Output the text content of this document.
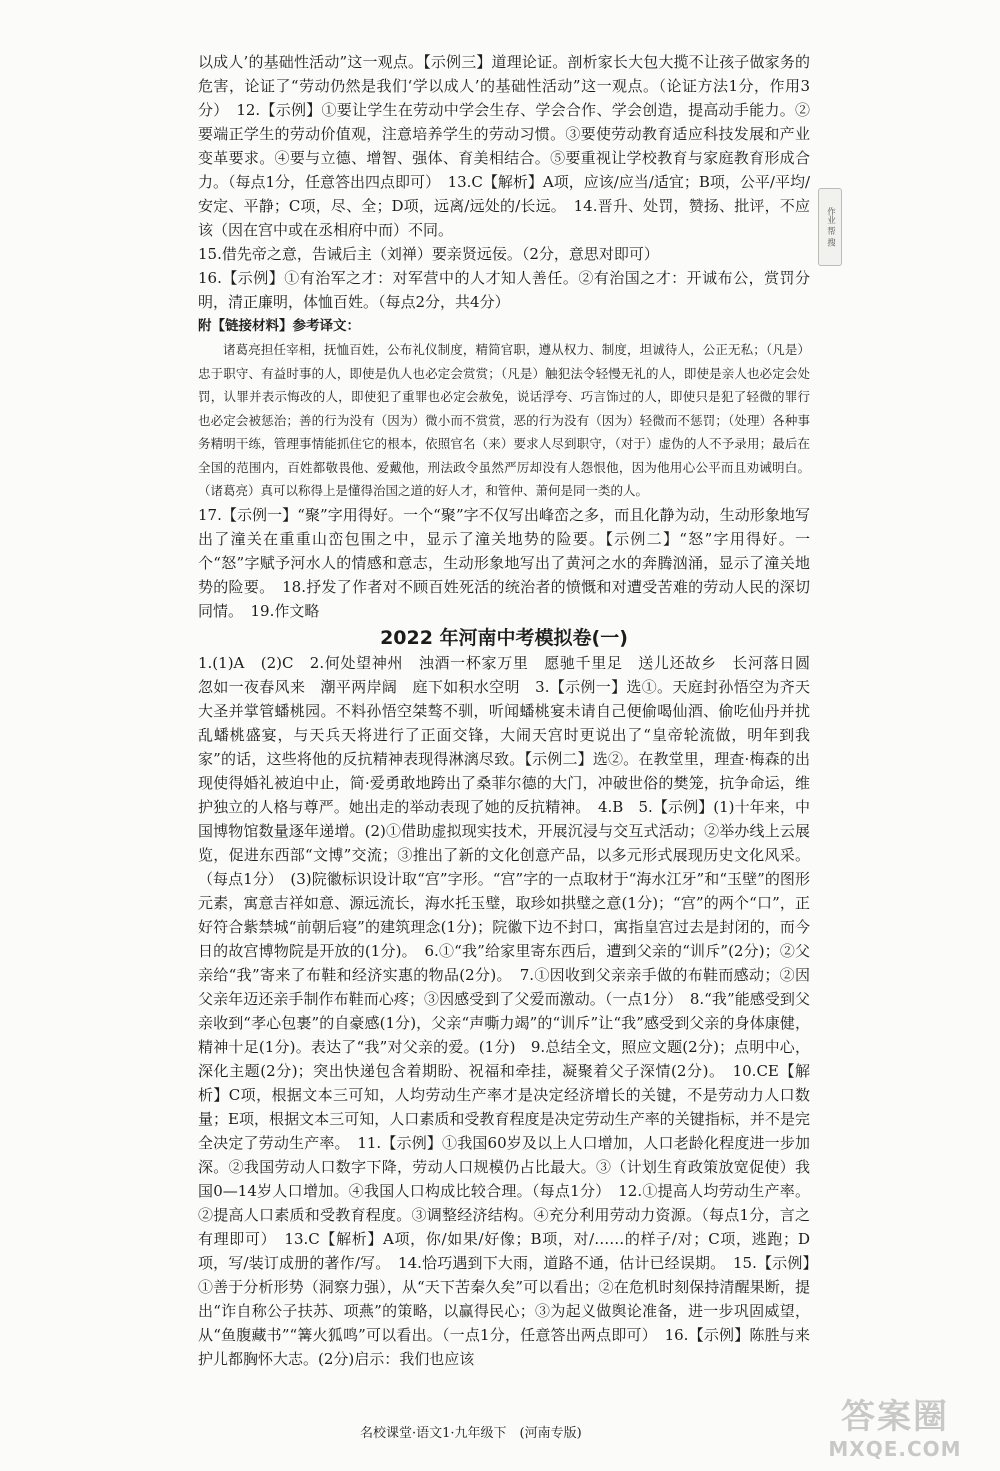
以成人’的基础性活动”这一观点。【示例三】道理论证。剖析家长大包大揽不让孩子做家务的危害，论证了“劳动仍然是我们‘学以成人’的基础性活动”这一观点。（论证方法1分，作用3分）　12.【示例】①要让学生在劳动中学会生存、学会合作、学会创造，提高动手能力。②要端正学生的劳动价值观，注意培养学生的劳动习惯。③要使劳动教育适应科技发展和产业变革要求。④要与立德、增智、强体、育美相结合。⑤要重视让学校教育与家庭教育形成合力。（每点1分，任意答出四点即可）　13.C【解析】A项，应该/应当/适宜；B项，公平/平均/安定、平静；C项，尽、全；D项，远离/远处的/长远。　14.晋升、处罚，赞扬、批评，不应该（因在宫中或在丞相府中而）不同。

15.借先帝之意，告诫后主（刘禅）要亲贤远佞。（2分，意思对即可）

16.【示例】①有治军之才：对军营中的人才知人善任。②有治国之才：开诚布公，赏罚分明，清正廉明，体恤百姓。（每点2分，共4分）

附【链接材料】参考译文：

诸葛亮担任宰相，抚恤百姓，公布礼仪制度，精简官职，遵从权力、制度，坦诚待人，公正无私；（凡是）忠于职守、有益时事的人，即使是仇人也必定会赏赏；（凡是）触犯法令轻慢无礼的人，即使是亲人也必定会处罚，认罪并表示悔改的人，即使犯了重罪也必定会赦免，说话浮夸、巧言饰过的人，即使只是犯了轻微的罪行也必定会被惩治；善的行为没有（因为）微小而不赏赏，恶的行为没有（因为）轻微而不惩罚；（处理）各种事务精明干练，管理事情能抓住它的根本，依照官名（来）要求人尽到职守，（对于）虚伪的人不予录用；最后在全国的范围内，百姓都敬畏他、爱戴他，刑法政令虽然严厉却没有人怨恨他，因为他用心公平而且劝诫明白。（诸葛亮）真可以称得上是懂得治国之道的好人才，和管仲、萧何是同一类的人。

17.【示例一】“聚”字用得好。一个“聚”字不仅写出峰峦之多，而且化静为动，生动形象地写出了潼关在重重山峦包围之中，显示了潼关地势的险要。【示例二】“怒”字用得好。一个“怒”字赋予河水人的情感和意志，生动形象地写出了黄河之水的奔腾汹涌，显示了潼关地势的险要。　18.抒发了作者对不顾百姓死活的统治者的愤慨和对遭受苦难的劳动人民的深切同情。　19.作文略

2022 年河南中考模拟卷(一)

1.(1)A　(2)C　2.何处望神州　浊酒一杯家万里　愿驰千里足　送儿还故乡　长河落日圆　忽如一夜春风来　潮平两岸阔　庭下如积水空明　3.【示例一】选①。天庭封孙悟空为齐天大圣并掌管蟠桃园。不料孙悟空桀骜不驯，听闻蟠桃宴未请自己便偷喝仙酒、偷吃仙丹并扰乱蟠桃盛宴，与天兵天将进行了正面交锋，大闹天宫时更说出了“皇帝轮流做，明年到我家”的话，这些将他的反抗精神表现得淋漓尽致。【示例二】选②。在教堂里，理查·梅森的出现使得婚礼被迫中止，简·爱勇敢地跨出了桑菲尔德的大门，冲破世俗的樊笼，抗争命运，维护独立的人格与尊严。她出走的举动表现了她的反抗精神。　4.B　5.【示例】(1)十年来，中国博物馆数量逐年递增。(2)①借助虚拟现实技术，开展沉浸与交互式活动；②举办线上云展览，促进东西部“文博”交流；③推出了新的文化创意产品，以多元形式展现历史文化风采。（每点1分）　(3)院徽标识设计取“宫”字形。“宫”字的一点取材于“海水江牙”和“玉壁”的图形元素，寓意吉祥如意、源远流长，海水托玉璧，取珍如拱璧之意(1分)；“宫”的两个“口”，正好符合紫禁城“前朝后寝”的建筑理念(1分)；院徽下边不封口，寓指皇宫过去是封闭的，而今日的故宫博物院是开放的(1分)。　6.①“我”给家里寄东西后，遭到父亲的“训斥”(2分)；②父亲给“我”寄来了布鞋和经济实惠的物品(2分)。　7.①因收到父亲亲手做的布鞋而感动；②因父亲年迈还亲手制作布鞋而心疼；③因感受到了父爱而激动。（一点1分）　8.“我”能感受到父亲收到“孝心包裹”的自豪感(1分)，父亲“声嘶力竭”的“训斥”让“我”感受到父亲的身体康健，精神十足(1分)。表达了“我”对父亲的爱。(1分)　9.总结全文，照应文题(2分)；点明中心，深化主题(2分)；突出快递包含着期盼、祝福和牵挂，凝聚着父子深情(2分)。　10.CE【解析】C项，根据文本三可知，人均劳动生产率才是决定经济增长的关键，不是劳动力人口数量；E项，根据文本三可知，人口素质和受教育程度是决定劳动生产率的关键指标，并不是完全决定了劳动生产率。　11.【示例】①我国60岁及以上人口增加，人口老龄化程度进一步加深。②我国劳动人口数字下降，劳动人口规模仍占比最大。③（计划生育政策放宽促使）我国0—14岁人口增加。④我国人口构成比较合理。（每点1分）　12.①提高人均劳动生产率。②提高人口素质和受教育程度。③调整经济结构。④充分利用劳动力资源。（每点1分，言之有理即可）　13.C【解析】A项，你/如果/好像；B项，对/……的样子/对；C项，逃跑；D项，写/装订成册的著作/写。　14.恰巧遇到下大雨，道路不通，估计已经误期。　15.【示例】①善于分析形势（洞察力强），从“天下苦秦久矣”可以看出；②在危机时刻保持清醒果断，提出“诈自称公子扶苏、项燕”的策略，以赢得民心；③为起义做舆论准备，进一步巩固威望，从“鱼腹藏书”“篝火狐鸣”可以看出。（一点1分，任意答出两点即可）　16.【示例】陈胜与来护儿都胸怀大志。(2分)启示：我们也应该

作业 帮 搜
名校课堂·语文1·九年级下　(河南专版)	答案圈
MXQE.COM
